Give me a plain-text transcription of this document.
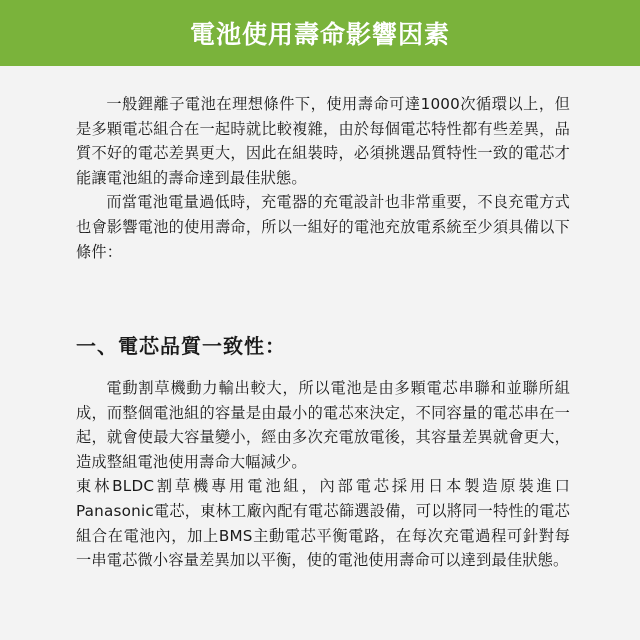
電池使用壽命影響因素

一般鋰離子電池在理想條件下，使用壽命可達1000次循環以上，但是多顆電芯組合在一起時就比較複雜，由於每個電芯特性都有些差異，品質不好的電芯差異更大，因此在組裝時，必須挑選品質特性一致的電芯才能讓電池組的壽命達到最佳狀態。

而當電池電量過低時，充電器的充電設計也非常重要，不良充電方式也會影響電池的使用壽命，所以一組好的電池充放電系統至少須具備以下條件：

一、電芯品質一致性：

電動割草機動力輸出較大，所以電池是由多顆電芯串聯和並聯所組成，而整個電池組的容量是由最小的電芯來決定，不同容量的電芯串在一起，就會使最大容量變小，經由多次充電放電後，其容量差異就會更大，造成整組電池使用壽命大幅減少。

東林BLDC割草機專用電池組，內部電芯採用日本製造原裝進口Panasonic電芯，東林工廠內配有電芯篩選設備，可以將同一特性的電芯組合在電池內，加上BMS主動電芯平衡電路，在每次充電過程可針對每一串電芯微小容量差異加以平衡，使的電池使用壽命可以達到最佳狀態。
